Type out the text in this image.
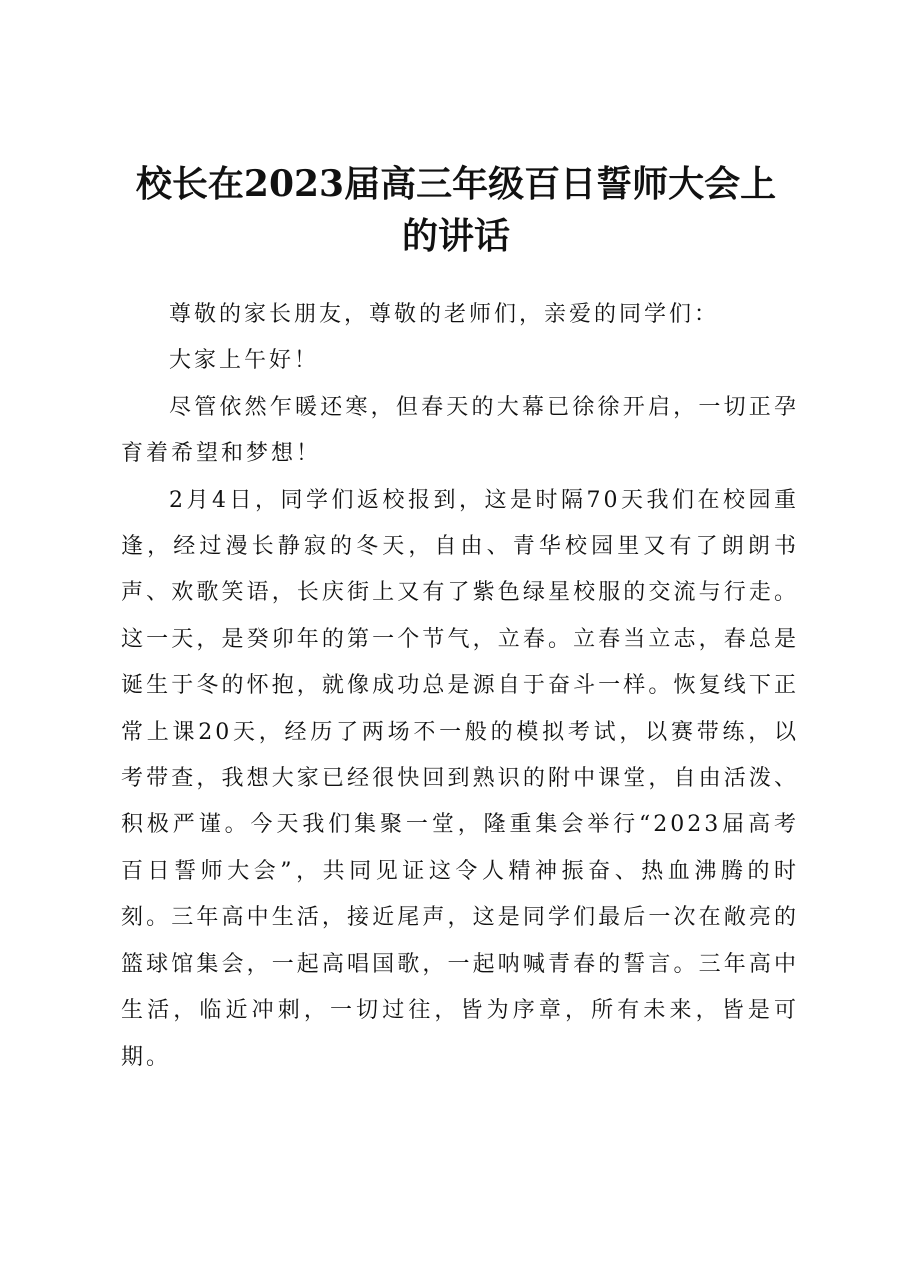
校长在2023届高三年级百日誓师大会上的讲话

尊敬的家长朋友，尊敬的老师们，亲爱的同学们：

大家上午好！

尽管依然乍暖还寒，但春天的大幕已徐徐开启，一切正孕育着希望和梦想！

2月4日，同学们返校报到，这是时隔70天我们在校园重逢，经过漫长静寂的冬天，自由、青华校园里又有了朗朗书声、欢歌笑语，长庆街上又有了紫色绿星校服的交流与行走。这一天，是癸卯年的第一个节气，立春。立春当立志，春总是诞生于冬的怀抱，就像成功总是源自于奋斗一样。恢复线下正常上课20天，经历了两场不一般的模拟考试，以赛带练，以考带查，我想大家已经很快回到熟识的附中课堂，自由活泼、积极严谨。今天我们集聚一堂，隆重集会举行“2023届高考百日誓师大会”，共同见证这令人精神振奋、热血沸腾的时刻。三年高中生活，接近尾声，这是同学们最后一次在敞亮的篮球馆集会，一起高唱国歌，一起呐喊青春的誓言。三年高中生活，临近冲刺，一切过往，皆为序章，所有未来，皆是可期。
